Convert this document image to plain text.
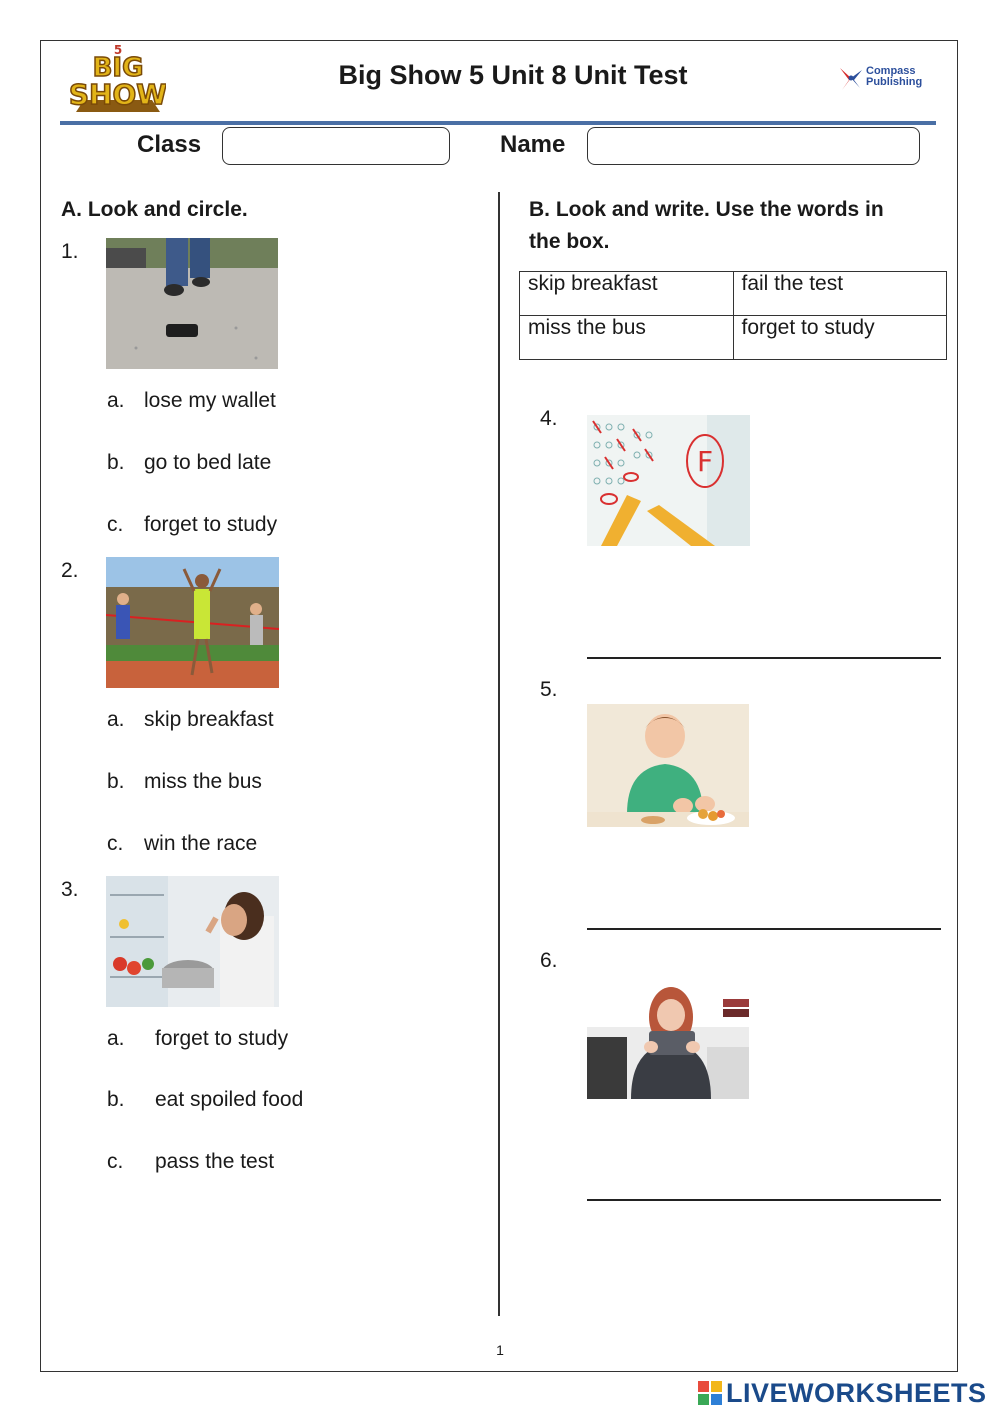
BIG
SHOW
5
Big Show 5 Unit 8 Unit Test	Compass
Publishing
Class	Name
A. Look and circle.
1.
a. lose my wallet
b. go to bed late
c. forget to study
2.
a. skip breakfast
b. miss the bus
c. win the race
3.
a. forget to study
b. eat spoiled food
c. pass the test
B. Look and write. Use the words in
the box.
skip breakfast	fail the test
miss the bus	forget to study
4.
F
5.
6.
1
LIVEWORKSHEETS
